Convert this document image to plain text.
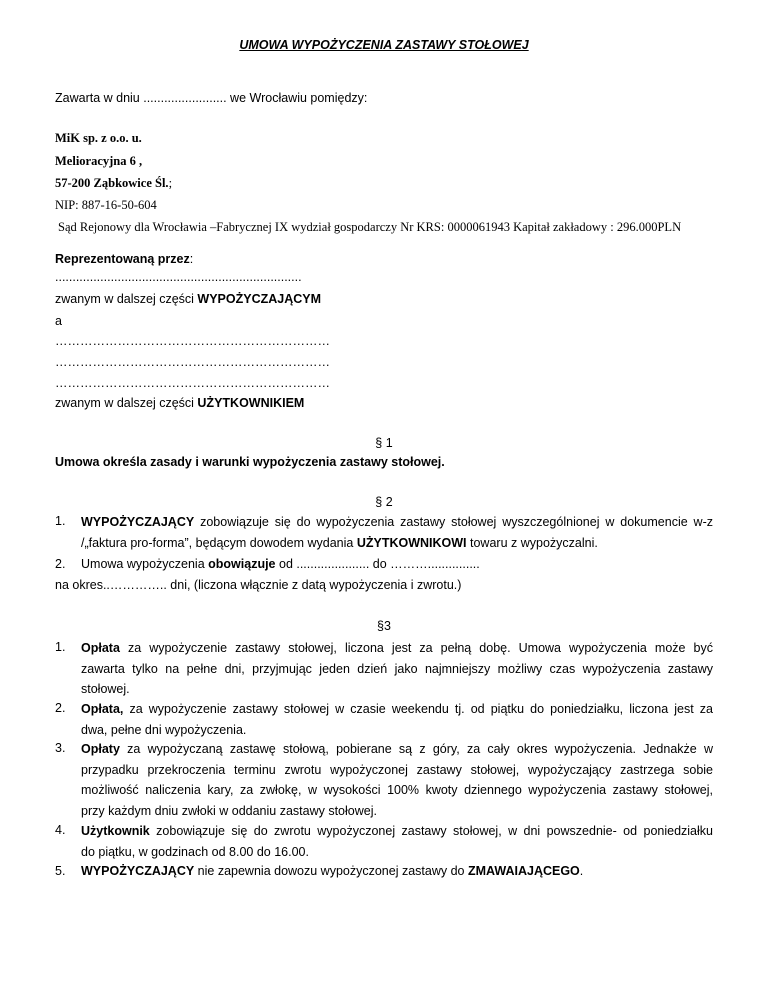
UMOWA WYPOŻYCZENIA ZASTAWY STOŁOWEJ
Zawarta w dniu ........................ we Wrocławiu pomiędzy:
MiK sp. z o.o. u.
Melioracyjna 6 ,
57-200 Ząbkowice Śl.;
NIP: 887-16-50-604
Sąd Rejonowy dla Wrocławia –Fabrycznej IX wydział gospodarczy Nr KRS: 0000061943 Kapitał zakładowy : 296.000PLN
Reprezentowaną przez:
.......................................................................
zwanym w dalszej części WYPOŻYCZAJĄCYM
a
…………………………………………………………
…………………………………………………………
…………………………………………………………
zwanym w dalszej części UŻYTKOWNIKIEM
§ 1
Umowa określa zasady i warunki wypożyczenia zastawy stołowej.
§ 2
1. WYPOŻYCZAJĄCY zobowiązuje się do wypożyczenia zastawy stołowej wyszczególnionej w dokumencie w-z
/„faktura pro-forma”, będącym dowodem wydania UŻYTKOWNIKOWI towaru z wypożyczalni.
2. Umowa wypożyczenia obowiązuje od ..................... do ………...............
na okres..………….. dni, (liczona włącznie z datą wypożyczenia i zwrotu.)
§3
1. Opłata za wypożyczenie zastawy stołowej, liczona jest za pełną dobę. Umowa wypożyczenia może być
zawarta tylko na pełne dni, przyjmując jeden dzień jako najmniejszy możliwy czas wypożyczenia zastawy
stołowej.
2. Opłata, za wypożyczenie zastawy stołowej w czasie weekendu tj. od piątku do poniedziałku, liczona jest za
dwa, pełne dni wypożyczenia.
3. Opłaty za wypożyczaną zastawę stołową, pobierane są z góry, za cały okres wypożyczenia. Jednakże w
przypadku przekroczenia terminu zwrotu wypożyczonej zastawy stołowej, wypożyczający zastrzega sobie
możliwość naliczenia kary, za zwłokę, w wysokości 100% kwoty dziennego wypożyczenia zastawy stołowej,
przy każdym dniu zwłoki w oddaniu zastawy stołowej.
4. Użytkownik zobowiązuje się do zwrotu wypożyczonej zastawy stołowej, w dni powszednie- od poniedziałku
do piątku, w godzinach od 8.00 do 16.00.
5. WYPOŻYCZAJĄCY nie zapewnia dowozu wypożyczonej zastawy do ZMAWAIAJĄCEGO.
